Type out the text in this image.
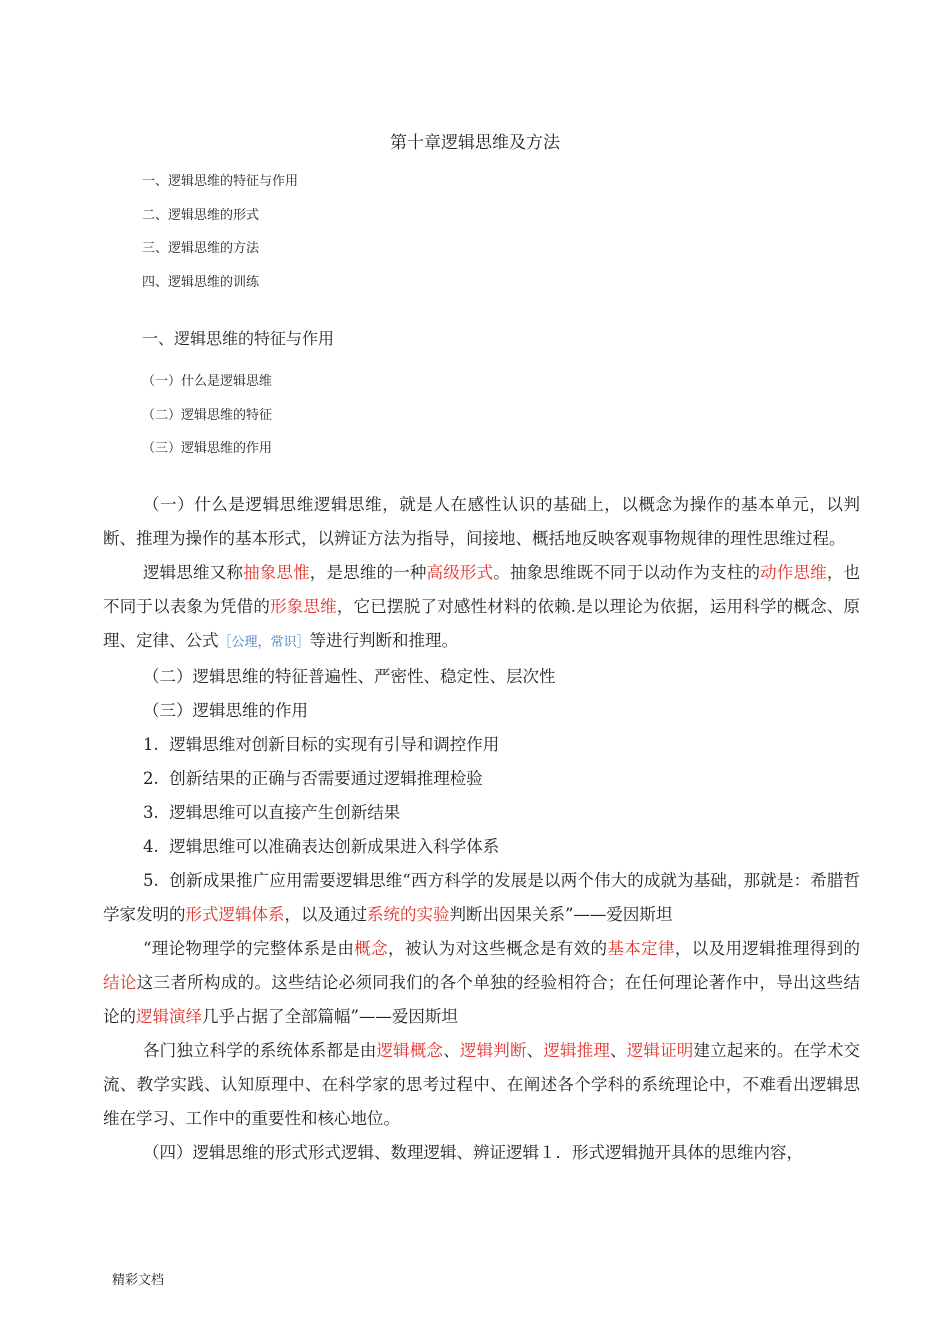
第十章逻辑思维及方法
一、逻辑思维的特征与作用
二、逻辑思维的形式
三、逻辑思维的方法
四、逻辑思维的训练
一、逻辑思维的特征与作用
（一）什么是逻辑思维
（二）逻辑思维的特征
（三）逻辑思维的作用

（一）什么是逻辑思维逻辑思维，就是人在感性认识的基础上，以概念为操作的基本单元，以判断、推理为操作的基本形式，以辨证方法为指导，间接地、概括地反映客观事物规律的理性思维过程。

逻辑思维又称抽象思惟，是思维的一种高级形式。抽象思维既不同于以动作为支柱的动作思维，也不同于以表象为凭借的形象思维，它已摆脱了对感性材料的依赖.是以理论为依据，运用科学的概念、原理、定律、公式［公理，常识］等进行判断和推理。

（二）逻辑思维的特征普遍性、严密性、稳定性、层次性

（三）逻辑思维的作用

1.  逻辑思维对创新目标的实现有引导和调控作用

2.  创新结果的正确与否需要通过逻辑推理检验

3.  逻辑思维可以直接产生创新结果

4.  逻辑思维可以准确表达创新成果进入科学体系

5.  创新成果推广应用需要逻辑思维“西方科学的发展是以两个伟大的成就为基础，那就是：希腊哲学家发明的形式逻辑体系，以及通过系统的实验判断出因果关系”——爱因斯坦

“理论物理学的完整体系是由概念，被认为对这些概念是有效的基本定律，以及用逻辑推理得到的结论这三者所构成的。这些结论必须同我们的各个单独的经验相符合；在任何理论著作中，导出这些结论的逻辑演绎几乎占据了全部篇幅”——爱因斯坦

各门独立科学的系统体系都是由逻辑概念、逻辑判断、逻辑推理、逻辑证明建立起来的。在学术交流、教学实践、认知原理中、在科学家的思考过程中、在阐述各个学科的系统理论中，不难看出逻辑思维在学习、工作中的重要性和核心地位。

（四）逻辑思维的形式形式逻辑、数理逻辑、辨证逻辑１．形式逻辑抛开具体的思维内容，

精彩文档
